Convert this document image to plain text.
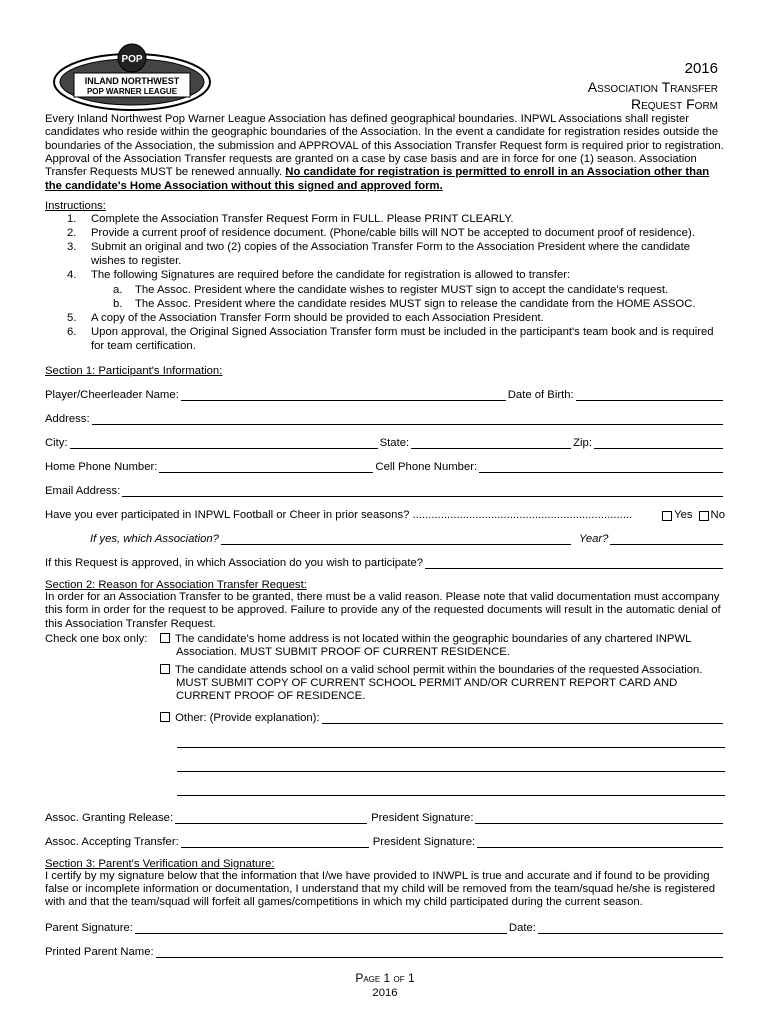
POP
INLAND NORTHWEST
POP WARNER LEAGUE
2016
Association Transfer
Request Form

Every Inland Northwest Pop Warner League Association has defined geographical boundaries. INPWL Associations shall register candidates who reside within the geographic boundaries of the Association. In the event a candidate for registration resides outside the boundaries of the Association, the submission and APPROVAL of this Association Transfer Request form is required prior to registration. Approval of the Association Transfer requests are granted on a case by case basis and are in force for one (1) season. Association Transfer Requests MUST be renewed annually. No candidate for registration is permitted to enroll in an Association other than the candidate's Home Association without this signed and approved form.

Instructions:
1. Complete the Association Transfer Request Form in FULL. Please PRINT CLEARLY.
2. Provide a current proof of residence document. (Phone/cable bills will NOT be accepted to document proof of residence).
3. Submit an original and two (2) copies of the Association Transfer Form to the Association President where the candidate wishes to register.
4. The following Signatures are required before the candidate for registration is allowed to transfer:
a. The Assoc. President where the candidate wishes to register MUST sign to accept the candidate's request.
b. The Assoc. President where the candidate resides MUST sign to release the candidate from the HOME ASSOC.
5. A copy of the Association Transfer Form should be provided to each Association President.
6. Upon approval, the Original Signed Association Transfer form must be included in the participant's team book and is required for team certification.
Section 1: Participant's Information:
Player/Cheerleader Name:	Date of Birth:
Address:
City:	State:	Zip:
Home Phone Number:	Cell Phone Number:
Email Address:
Have you ever participated in INPWL Football or Cheer in prior seasons? ......................................................................	Yes No
If yes, which Association?	Year?
If this Request is approved, in which Association do you wish to participate?
Section 2: Reason for Association Transfer Request:

In order for an Association Transfer to be granted, there must be a valid reason. Please note that valid documentation must accompany this form in order for the request to be approved. Failure to provide any of the requested documents will result in the automatic denial of this Association Transfer Request.

Check one box only:	The candidate's home address is not located within the geographic boundaries of any chartered INPWL
Association. MUST SUBMIT PROOF OF CURRENT RESIDENCE.
The candidate attends school on a valid school permit within the boundaries of the requested Association.
MUST SUBMIT COPY OF CURRENT SCHOOL PERMIT AND/OR CURRENT REPORT CARD AND
CURRENT PROOF OF RESIDENCE.
Other: (Provide explanation):
Assoc. Granting Release:	President Signature:
Assoc. Accepting Transfer:	President Signature:
Section 3: Parent's Verification and Signature:

I certify by my signature below that the information that I/we have provided to INWPL is true and accurate and if found to be providing false or incomplete information or documentation, I understand that my child will be removed from the team/squad he/she is registered with and that the team/squad will forfeit all games/competitions in which my child participated during the current season.

Parent Signature:	Date:
Printed Parent Name:
Page 1 of 1
2016
